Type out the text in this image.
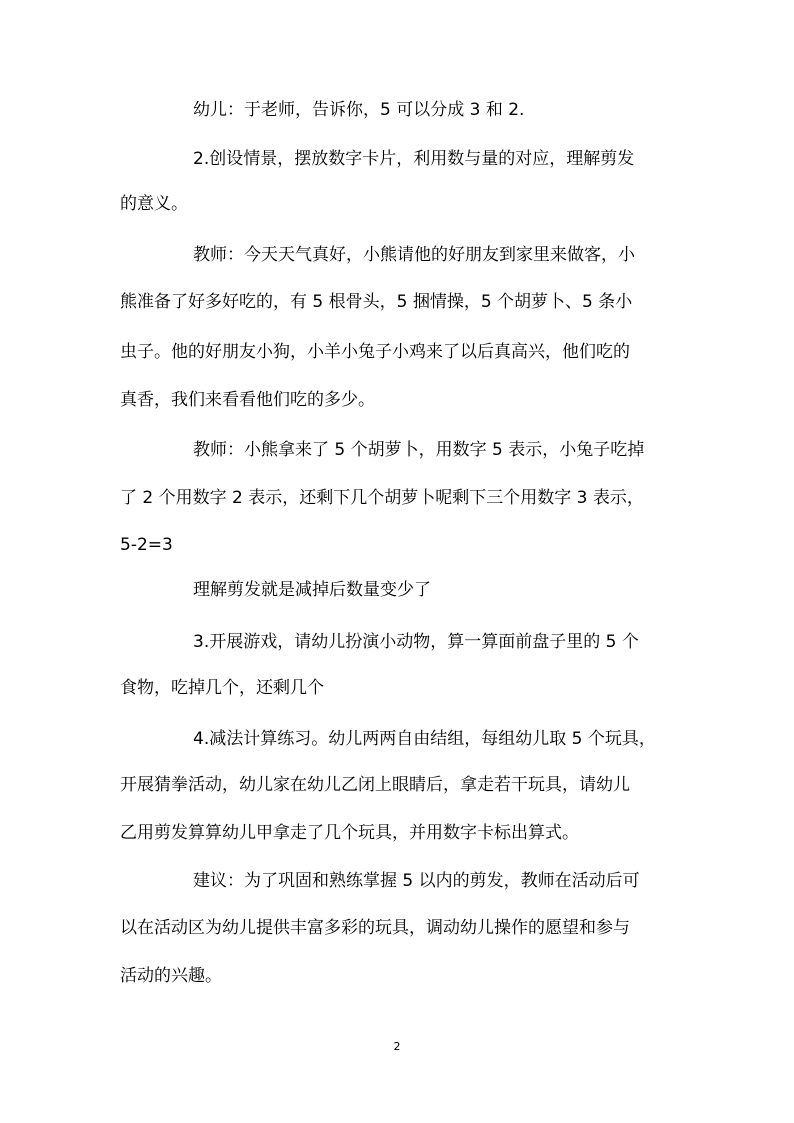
幼儿：于老师，告诉你，5 可以分成 3 和 2.
2.创设情景，摆放数字卡片，利用数与量的对应，理解剪发
的意义。
教师：今天天气真好，小熊请他的好朋友到家里来做客，小
熊准备了好多好吃的，有 5 根骨头，5 捆情操，5 个胡萝卜、5 条小
虫子。他的好朋友小狗，小羊小兔子小鸡来了以后真高兴，他们吃的
真香，我们来看看他们吃的多少。
教师：小熊拿来了 5 个胡萝卜，用数字 5 表示，小兔子吃掉
了 2 个用数字 2 表示，还剩下几个胡萝卜呢剩下三个用数字 3 表示，
5-2=3
理解剪发就是减掉后数量变少了
3.开展游戏，请幼儿扮演小动物，算一算面前盘子里的 5 个
食物，吃掉几个，还剩几个
4.减法计算练习。幼儿两两自由结组，每组幼儿取 5 个玩具，
开展猜拳活动，幼儿家在幼儿乙闭上眼睛后，拿走若干玩具，请幼儿
乙用剪发算算幼儿甲拿走了几个玩具，并用数字卡标出算式。
建议：为了巩固和熟练掌握 5 以内的剪发，教师在活动后可
以在活动区为幼儿提供丰富多彩的玩具，调动幼儿操作的愿望和参与
活动的兴趣。
2
